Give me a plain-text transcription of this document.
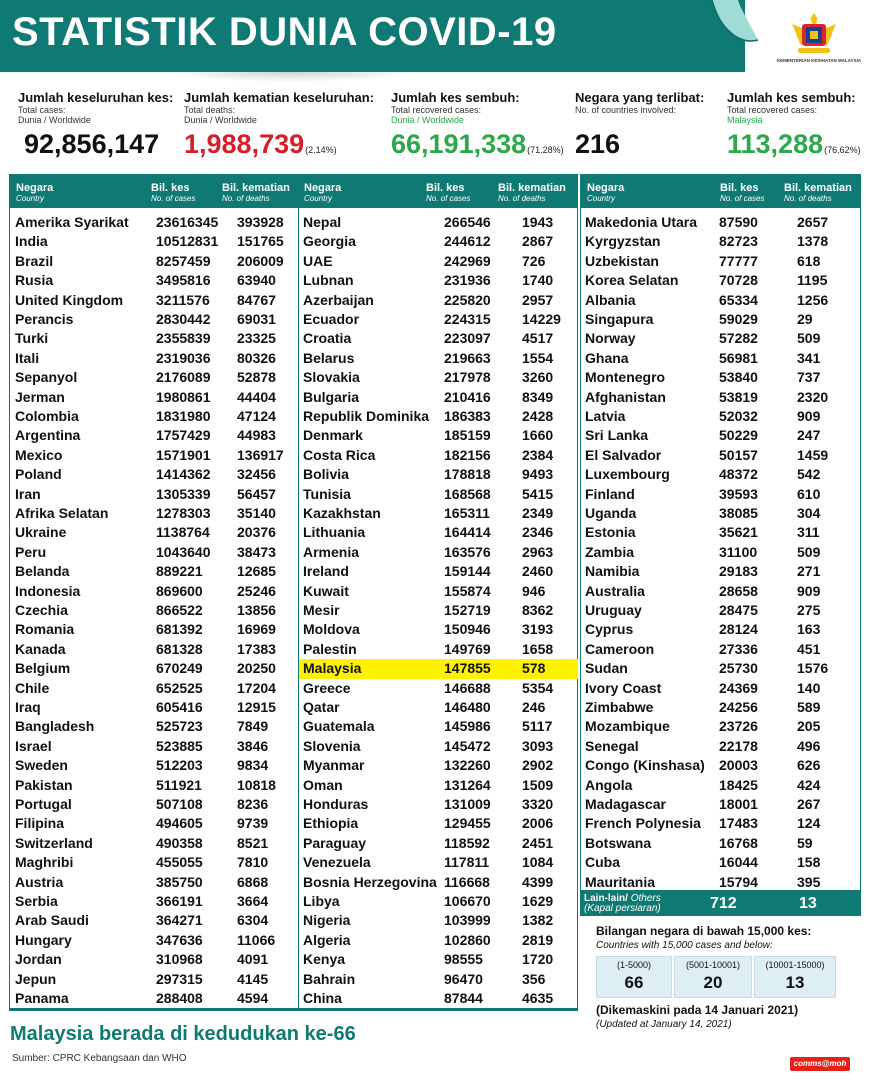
STATISTIK DUNIA COVID-19
KEMENTERIAN KESIHATAN MALAYSIA
Jumlah keseluruhan kes:
Total cases:
Dunia / Worldwide
92,856,147
Jumlah kematian keseluruhan:
Total deaths:
Dunia / Worldwide
1,988,739(2.14%)
Jumlah kes sembuh:
Total recovered cases:
Dunia / Worldwide
66,191,338(71.28%)
Negara yang terlibat:
No. of countries involved:

216
Jumlah kes sembuh:
Total recovered cases:
Malaysia
113,288(76.62%)
Negara
Country
Bil. kes
No. of cases
Bil. kematian
No. of deaths
Negara
Country
Bil. kes
No. of cases
Bil. kematian
No. of deaths
Negara
Country
Bil. kes
No. of cases
Bil. kematian
No. of deaths
Amerika Syarikat 23616345 393928
India	10512831 151765
Brazil	8257459 206009
Rusia	3495816 63940
United Kingdom 3211576 84767
Perancis	2830442 69031
Turki	2355839 23325
Itali	2319036 80326
Sepanyol	2176089 52878
Jerman	1980861 44404
Colombia	1831980 47124
Argentina	1757429 44983
Mexico	1571901 136917
Poland	1414362 32456
Iran	1305339 56457
Afrika Selatan	1278303 35140
Ukraine	1138764 20376
Peru	1043640 38473
Belanda	889221 12685
Indonesia	869600 25246
Czechia	866522 13856
Romania	681392 16969
Kanada	681328 17383
Belgium	670249 20250
Chile	652525 17204
Iraq	605416 12915
Bangladesh	525723 7849
Israel	523885 3846
Sweden	512203 9834
Pakistan	511921	10818
Portugal	507108 8236
Filipina	494605 9739
Switzerland	490358 8521
Maghribi	455055 7810
Austria	385750 6868
Serbia	366191 3664
Arab Saudi	364271 6304
Hungary	347636 11066
Jordan	310968 4091
Jepun	297315 4145
Panama	288408 4594
Nepal	266546 1943
Georgia	244612 2867
UAE	242969 726
Lubnan	231936 1740
Azerbaijan	225820 2957
Ecuador	224315 14229
Croatia	223097 4517
Belarus	219663 1554
Slovakia	217978 3260
Bulgaria	210416 8349
Republik Dominika 186383 2428
Denmark	185159 1660
Costa Rica	182156 2384
Bolivia	178818 9493
Tunisia	168568 5415
Kazakhstan	165311 2349
Lithuania	164414 2346
Armenia	163576 2963
Ireland	159144 2460
Kuwait	155874 946
Mesir	152719 8362
Moldova	150946 3193
Palestin	149769 1658
Malaysia	147855 578
Greece	146688 5354
Qatar	146480 246
Guatemala	145986 5117
Slovenia	145472 3093
Myanmar	132260 2902
Oman	131264 1509
Honduras	131009 3320
Ethiopia	129455 2006
Paraguay	118592 2451
Venezuela	117811 1084
Bosnia Herzegovina 116668 4399
Libya	106670 1629
Nigeria	103999 1382
Algeria	102860 2819
Kenya	98555	1720
Bahrain	96470	356
China	87844	4635
Makedonia Utara 87590	2657
Kyrgyzstan	82723	1378
Uzbekistan	77777	618
Korea Selatan	70728	1195
Albania	65334	1256
Singapura	59029	29
Norway	57282	509
Ghana	56981	341
Montenegro	53840	737
Afghanistan	53819	2320
Latvia	52032	909
Sri Lanka	50229	247
El Salvador	50157	1459
Luxembourg	48372	542
Finland	39593	610
Uganda	38085	304
Estonia	35621	311
Zambia	31100	509
Namibia	29183	271
Australia	28658	909
Uruguay	28475	275
Cyprus	28124	163
Cameroon	27336	451
Sudan	25730	1576
Ivory Coast	24369	140
Zimbabwe	24256	589
Mozambique	23726	205
Senegal	22178	496
Congo (Kinshasa) 20003	626
Angola	18425	424
Madagascar	18001	267
French Polynesia 17483	124
Botswana	16768	59
Cuba	16044	158
Mauritania	15794	395
Lain-lain/ Others
(Kapal persiaran)	712	13
Bilangan negara di bawah 15,000 kes:
Countries with 15,000 cases and below:
(1-5000)
66
(5001-10001)
20
(10001-15000)
13
(Dikemaskini pada 14 Januari 2021)
(Updated at January 14, 2021)
Malaysia berada di kedudukan ke-66
Sumber: CPRC Kebangsaan dan WHO	comms@moh
